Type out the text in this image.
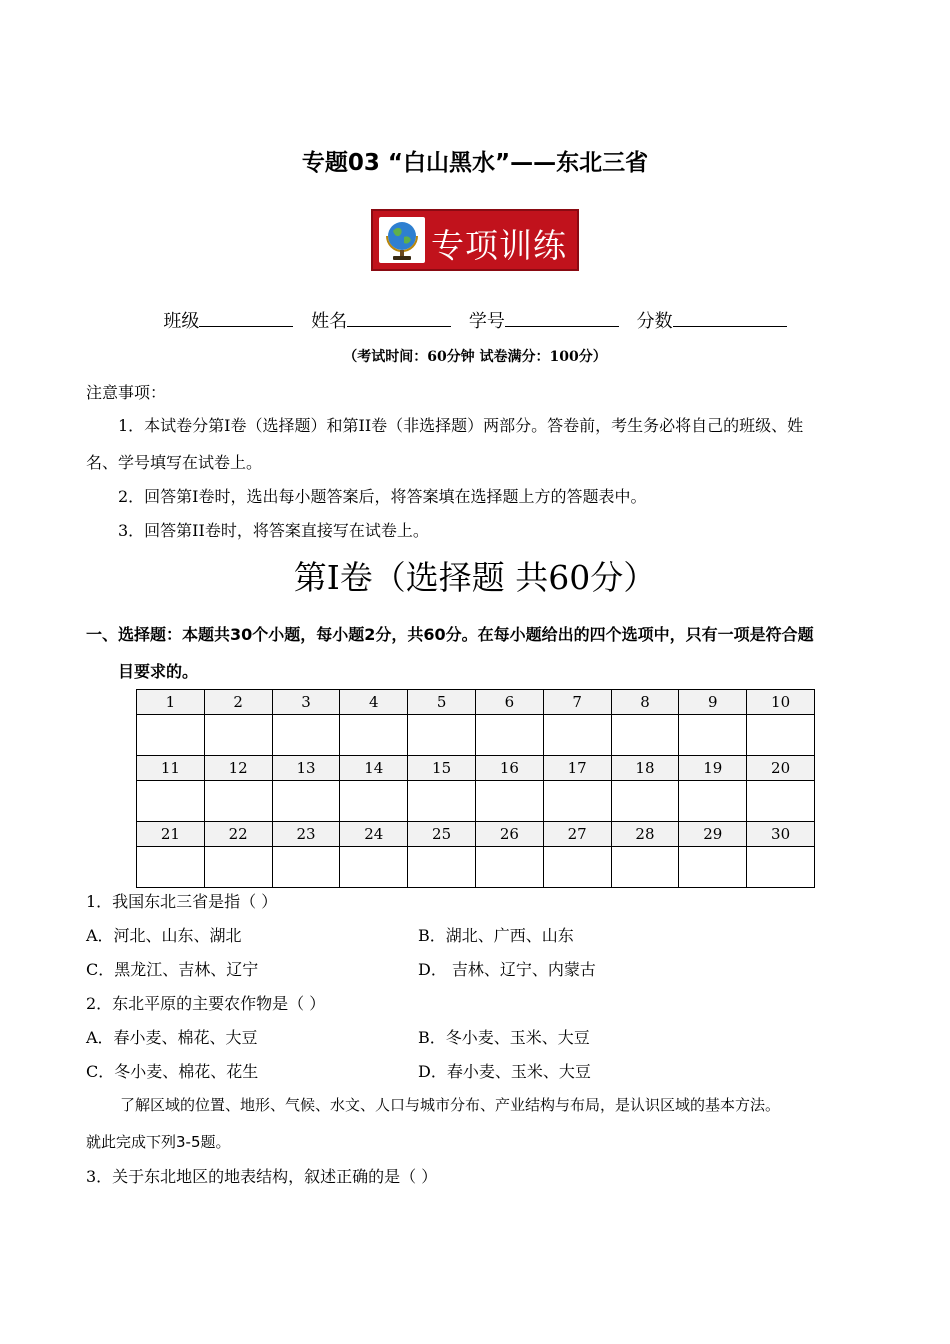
专题03 “白山黑水”——东北三省
专项训练
班级	姓名	学号	分数
（考试时间：60分钟 试卷满分：100分）
注意事项：
1．本试卷分第I卷（选择题）和第II卷（非选择题）两部分。答卷前，考生务必将自己的班级、姓
名、学号填写在试卷上。
2．回答第I卷时，选出每小题答案后，将答案填在选择题上方的答题表中。
3．回答第II卷时，将答案直接写在试卷上。
第I卷（选择题 共60分）
一、选择题：本题共30个小题，每小题2分，共60分。在每小题给出的四个选项中，只有一项是符合题
目要求的。
1	2	3	4	5	6	7	8	9	10

11	12	13	14	15	16	17	18	19	20

21	22	23	24	25	26	27	28	29	30

1．我国东北三省是指（ ）
A．河北、山东、湖北	B．湖北、广西、山东
C．黑龙江、吉林、辽宁	D． 吉林、辽宁、内蒙古
2．东北平原的主要农作物是（ ）
A．春小麦、棉花、大豆	B．冬小麦、玉米、大豆
C．冬小麦、棉花、花生	D．春小麦、玉米、大豆
了解区域的位置、地形、气候、水文、人口与城市分布、产业结构与布局，是认识区域的基本方法。
就此完成下列3-5题。
3．关于东北地区的地表结构，叙述正确的是（ ）
